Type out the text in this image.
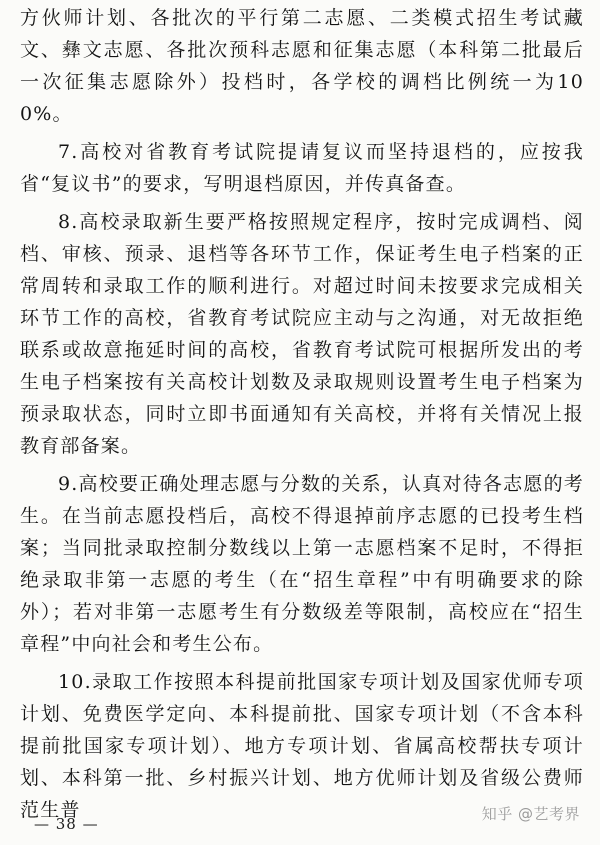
方伙师计划、各批次的平行第二志愿、二类模式招生考试藏文、彝文志愿、各批次预科志愿和征集志愿（本科第二批最后一次征集志愿除外）投档时，各学校的调档比例统一为100%。

7.高校对省教育考试院提请复议而坚持退档的，应按我省“复议书”的要求，写明退档原因，并传真备查。

8.高校录取新生要严格按照规定程序，按时完成调档、阅档、审核、预录、退档等各环节工作，保证考生电子档案的正常周转和录取工作的顺利进行。对超过时间未按要求完成相关环节工作的高校，省教育考试院应主动与之沟通，对无故拒绝联系或故意拖延时间的高校，省教育考试院可根据所发出的考生电子档案按有关高校计划数及录取规则设置考生电子档案为预录取状态，同时立即书面通知有关高校，并将有关情况上报教育部备案。

9.高校要正确处理志愿与分数的关系，认真对待各志愿的考生。在当前志愿投档后，高校不得退掉前序志愿的已投考生档案；当同批录取控制分数线以上第一志愿档案不足时，不得拒绝录取非第一志愿的考生（在“招生章程”中有明确要求的除外）；若对非第一志愿考生有分数级差等限制，高校应在“招生章程”中向社会和考生公布。

10.录取工作按照本科提前批国家专项计划及国家优师专项计划、免费医学定向、本科提前批、国家专项计划（不含本科提前批国家专项计划）、地方专项计划、省属高校帮扶专项计划、本科第一批、乡村振兴计划、地方优师计划及省级公费师范生普

— 38 —
知乎 @艺考界
